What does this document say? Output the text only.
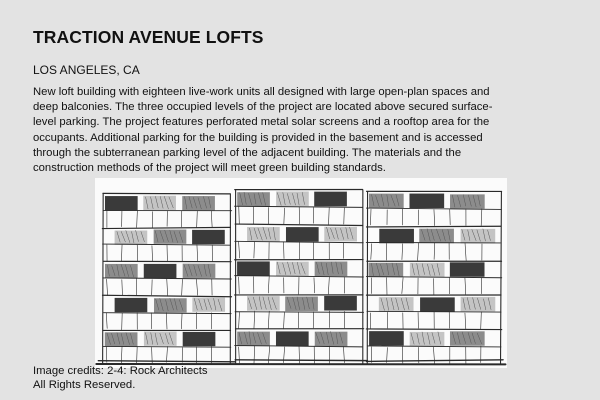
TRACTION AVENUE LOFTS

LOS ANGELES, CA

New loft building with eighteen live-work units all designed with large open-plan spaces and deep balconies. The three occupied levels of the project are located above secured surface-level parking. The project features perforated metal solar screens and a rooftop area for the occupants. Additional parking for the building is provided in the basement and is accessed through the subterranean parking level of the adjacent building. The materials and the construction methods of the project will meet green building standards.

Image credits: 2-4: Rock Architects
All Rights Reserved.
